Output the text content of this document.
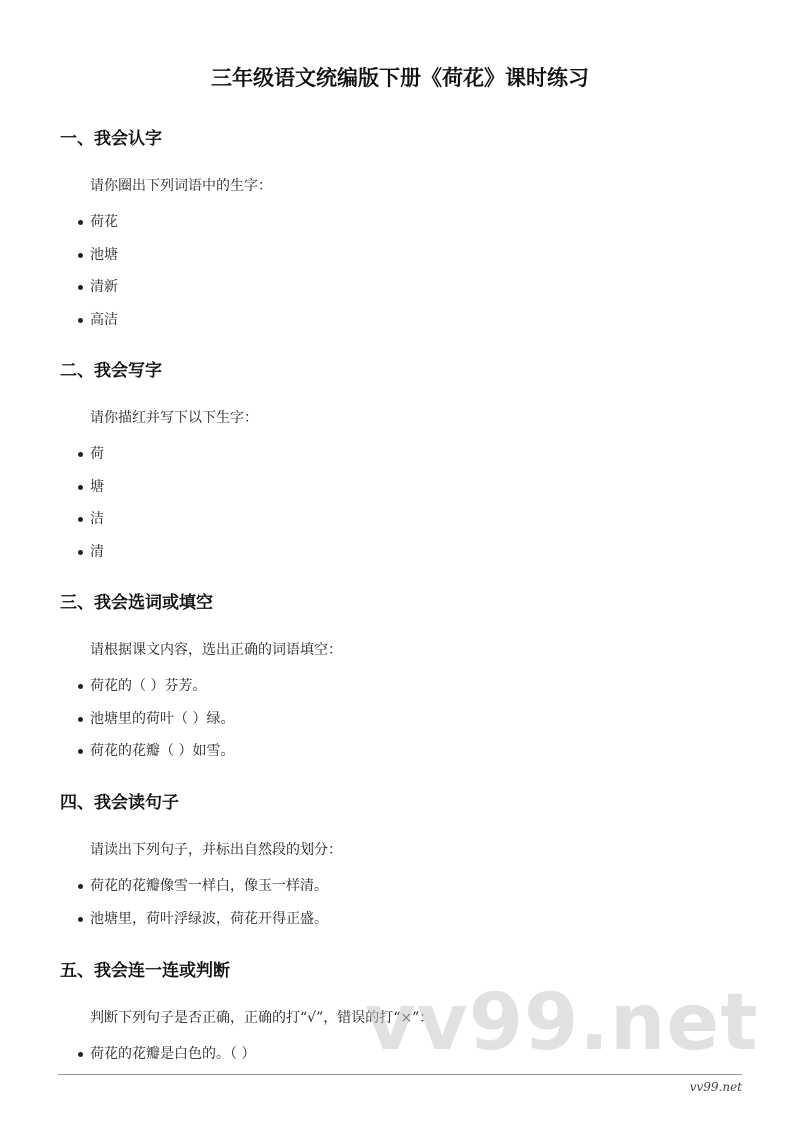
三年级语文统编版下册《荷花》课时练习
一、我会认字
请你圈出下列词语中的生字：
荷花
池塘
清新
高洁
二、我会写字
请你描红并写下以下生字：
荷
塘
洁
清
三、我会选词或填空
请根据课文内容，选出正确的词语填空：
荷花的（ ）芬芳。
池塘里的荷叶（ ）绿。
荷花的花瓣（ ）如雪。
四、我会读句子
请读出下列句子，并标出自然段的划分：
荷花的花瓣像雪一样白，像玉一样清。
池塘里，荷叶浮绿波，荷花开得正盛。
五、我会连一连或判断
判断下列句子是否正确，正确的打“√”，错误的打“×”：
荷花的花瓣是白色的。（ ）	vv99.net
vv99.net
